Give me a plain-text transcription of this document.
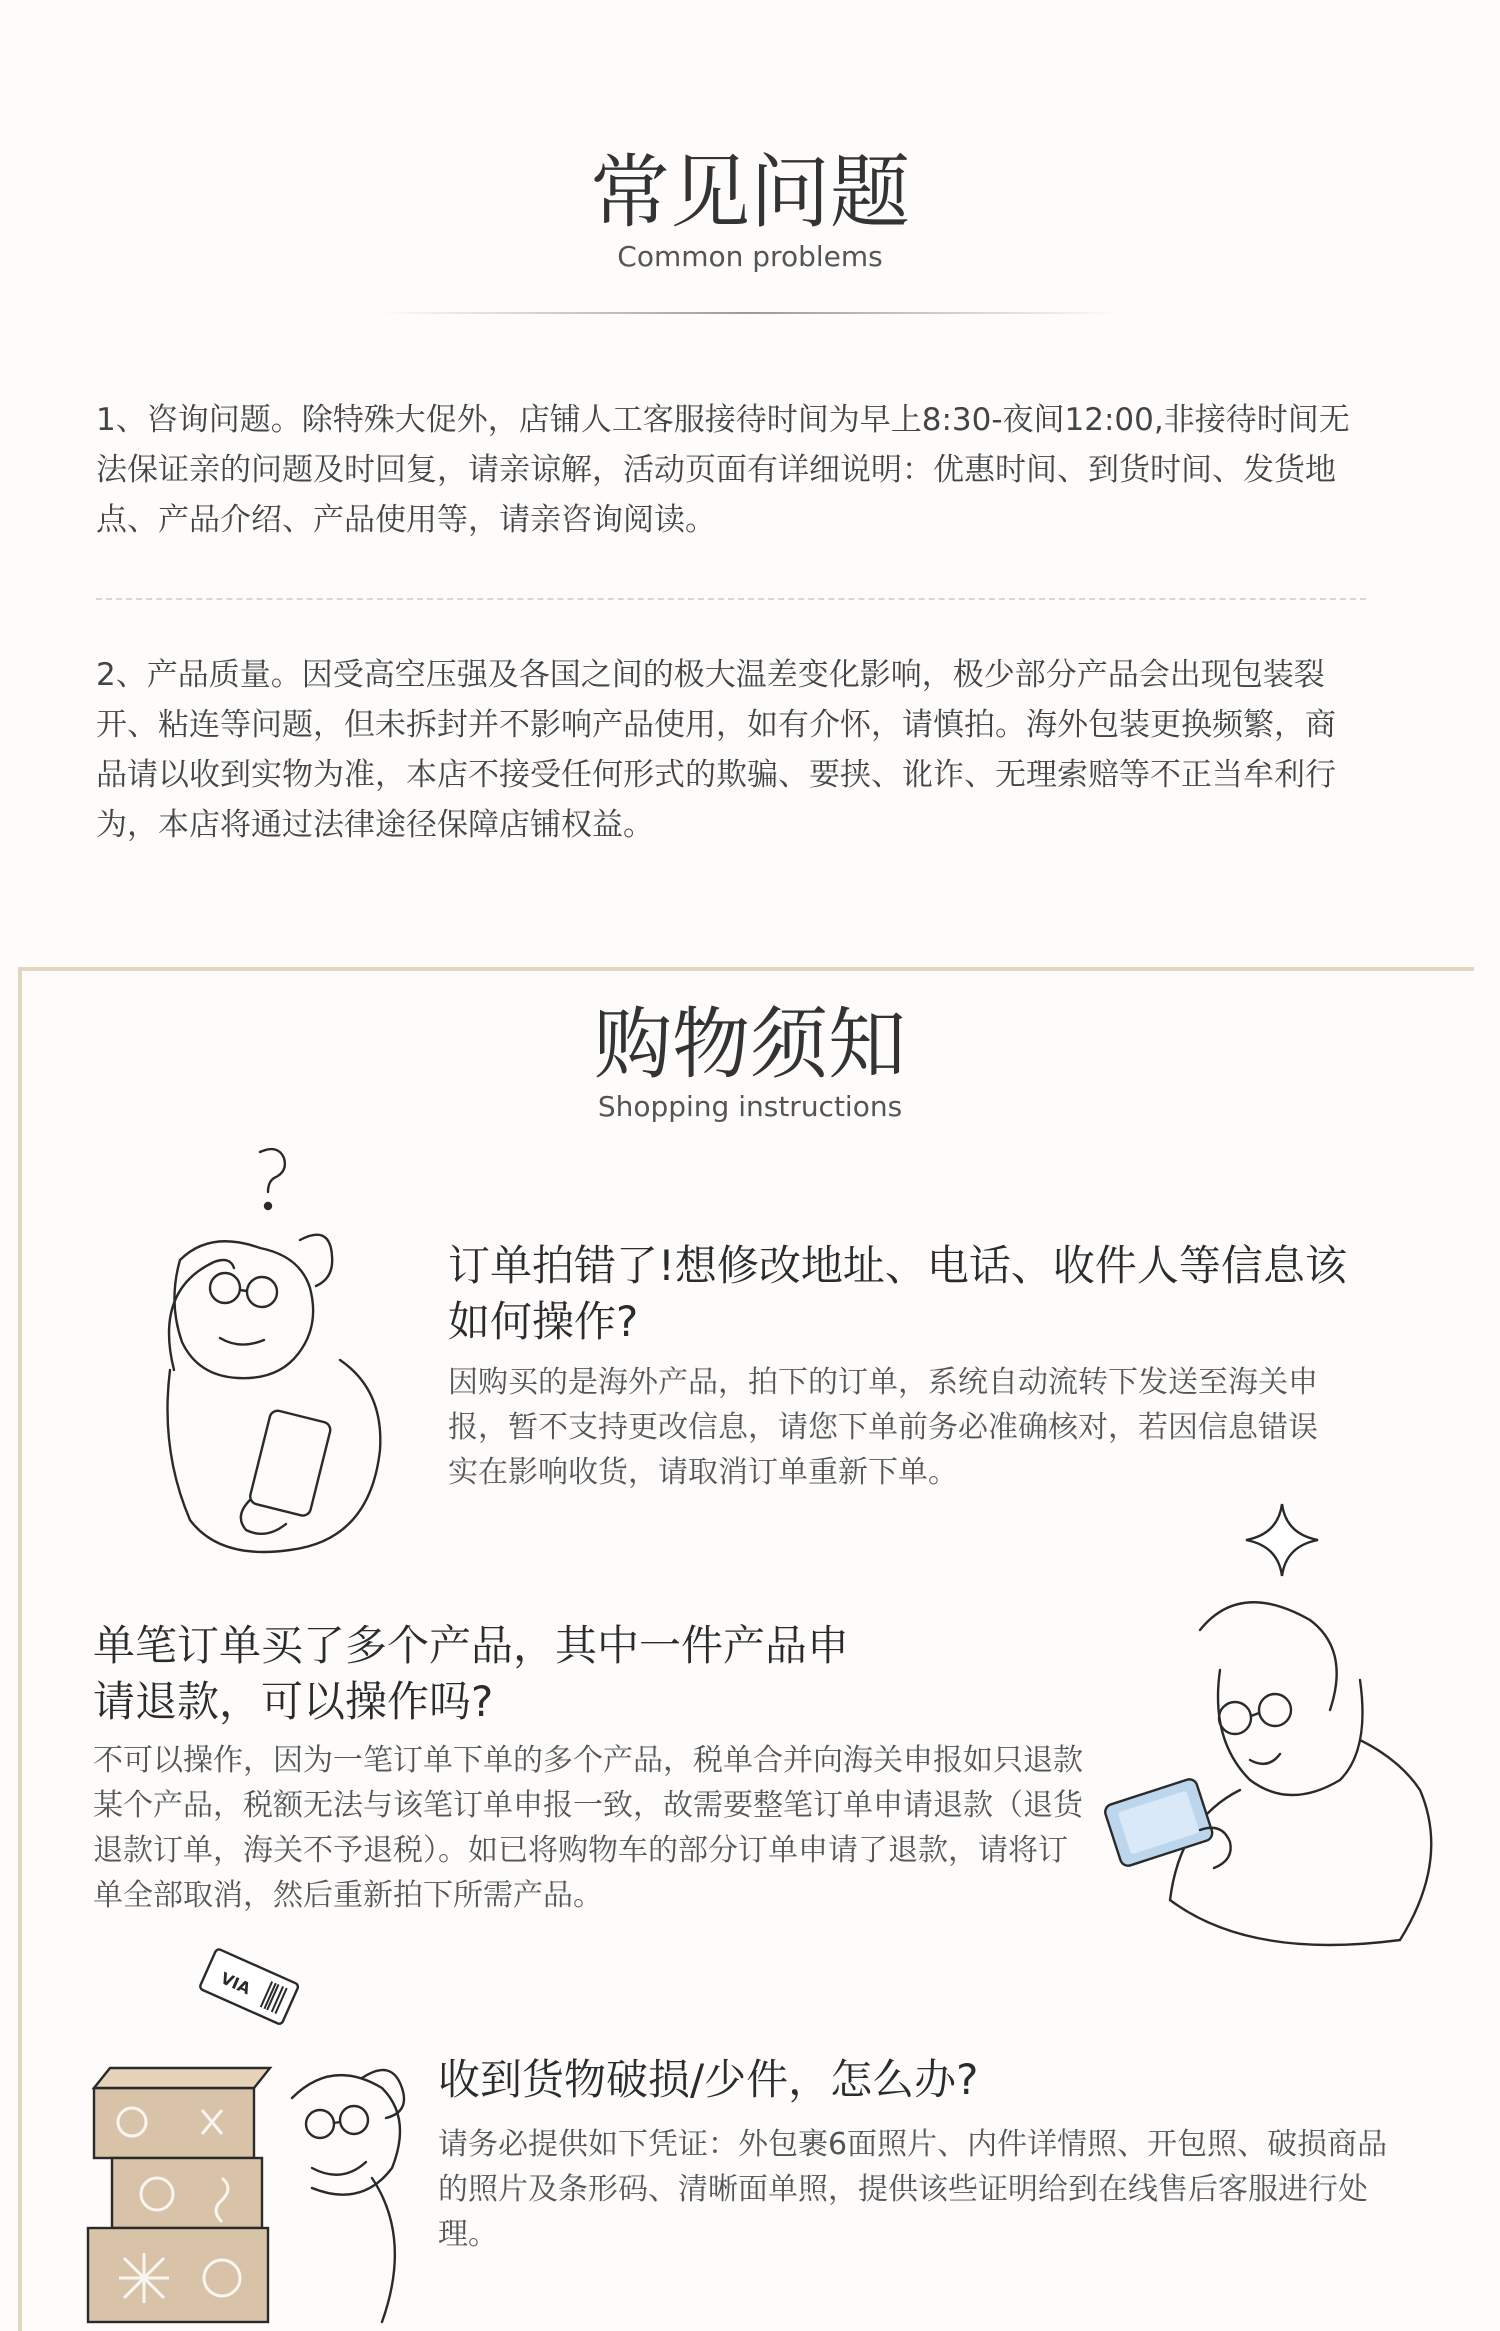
常见问题
Common problems
1、咨询问题。除特殊大促外，店铺人工客服接待时间为早上8:30-夜间12:00,非接待时间无法保证亲的问题及时回复，请亲谅解，活动页面有详细说明：优惠时间、到货时间、发货地点、产品介绍、产品使用等，请亲咨询阅读。
2、产品质量。因受高空压强及各国之间的极大温差变化影响，极少部分产品会出现包装裂开、粘连等问题，但未拆封并不影响产品使用，如有介怀，请慎拍。海外包装更换频繁，商品请以收到实物为准，本店不接受任何形式的欺骗、要挟、讹诈、无理索赔等不正当牟利行为，本店将通过法律途径保障店铺权益。
购物须知
Shopping instructions
订单拍错了!想修改地址、电话、收件人等信息该如何操作?
因购买的是海外产品，拍下的订单，系统自动流转下发送至海关申报，暂不支持更改信息，请您下单前务必准确核对，若因信息错误实在影响收货，请取消订单重新下单。
单笔订单买了多个产品，其中一件产品申请退款，可以操作吗?
不可以操作，因为一笔订单下单的多个产品，税单合并向海关申报如只退款某个产品，税额无法与该笔订单申报一致，故需要整笔订单申请退款（退货退款订单，海关不予退税）。如已将购物车的部分订单申请了退款，请将订单全部取消，然后重新拍下所需产品。
收到货物破损/少件，怎么办?
请务必提供如下凭证：外包裹6面照片、内件详情照、开包照、破损商品的照片及条形码、清晰面单照，提供该些证明给到在线售后客服进行处理。
VIA
